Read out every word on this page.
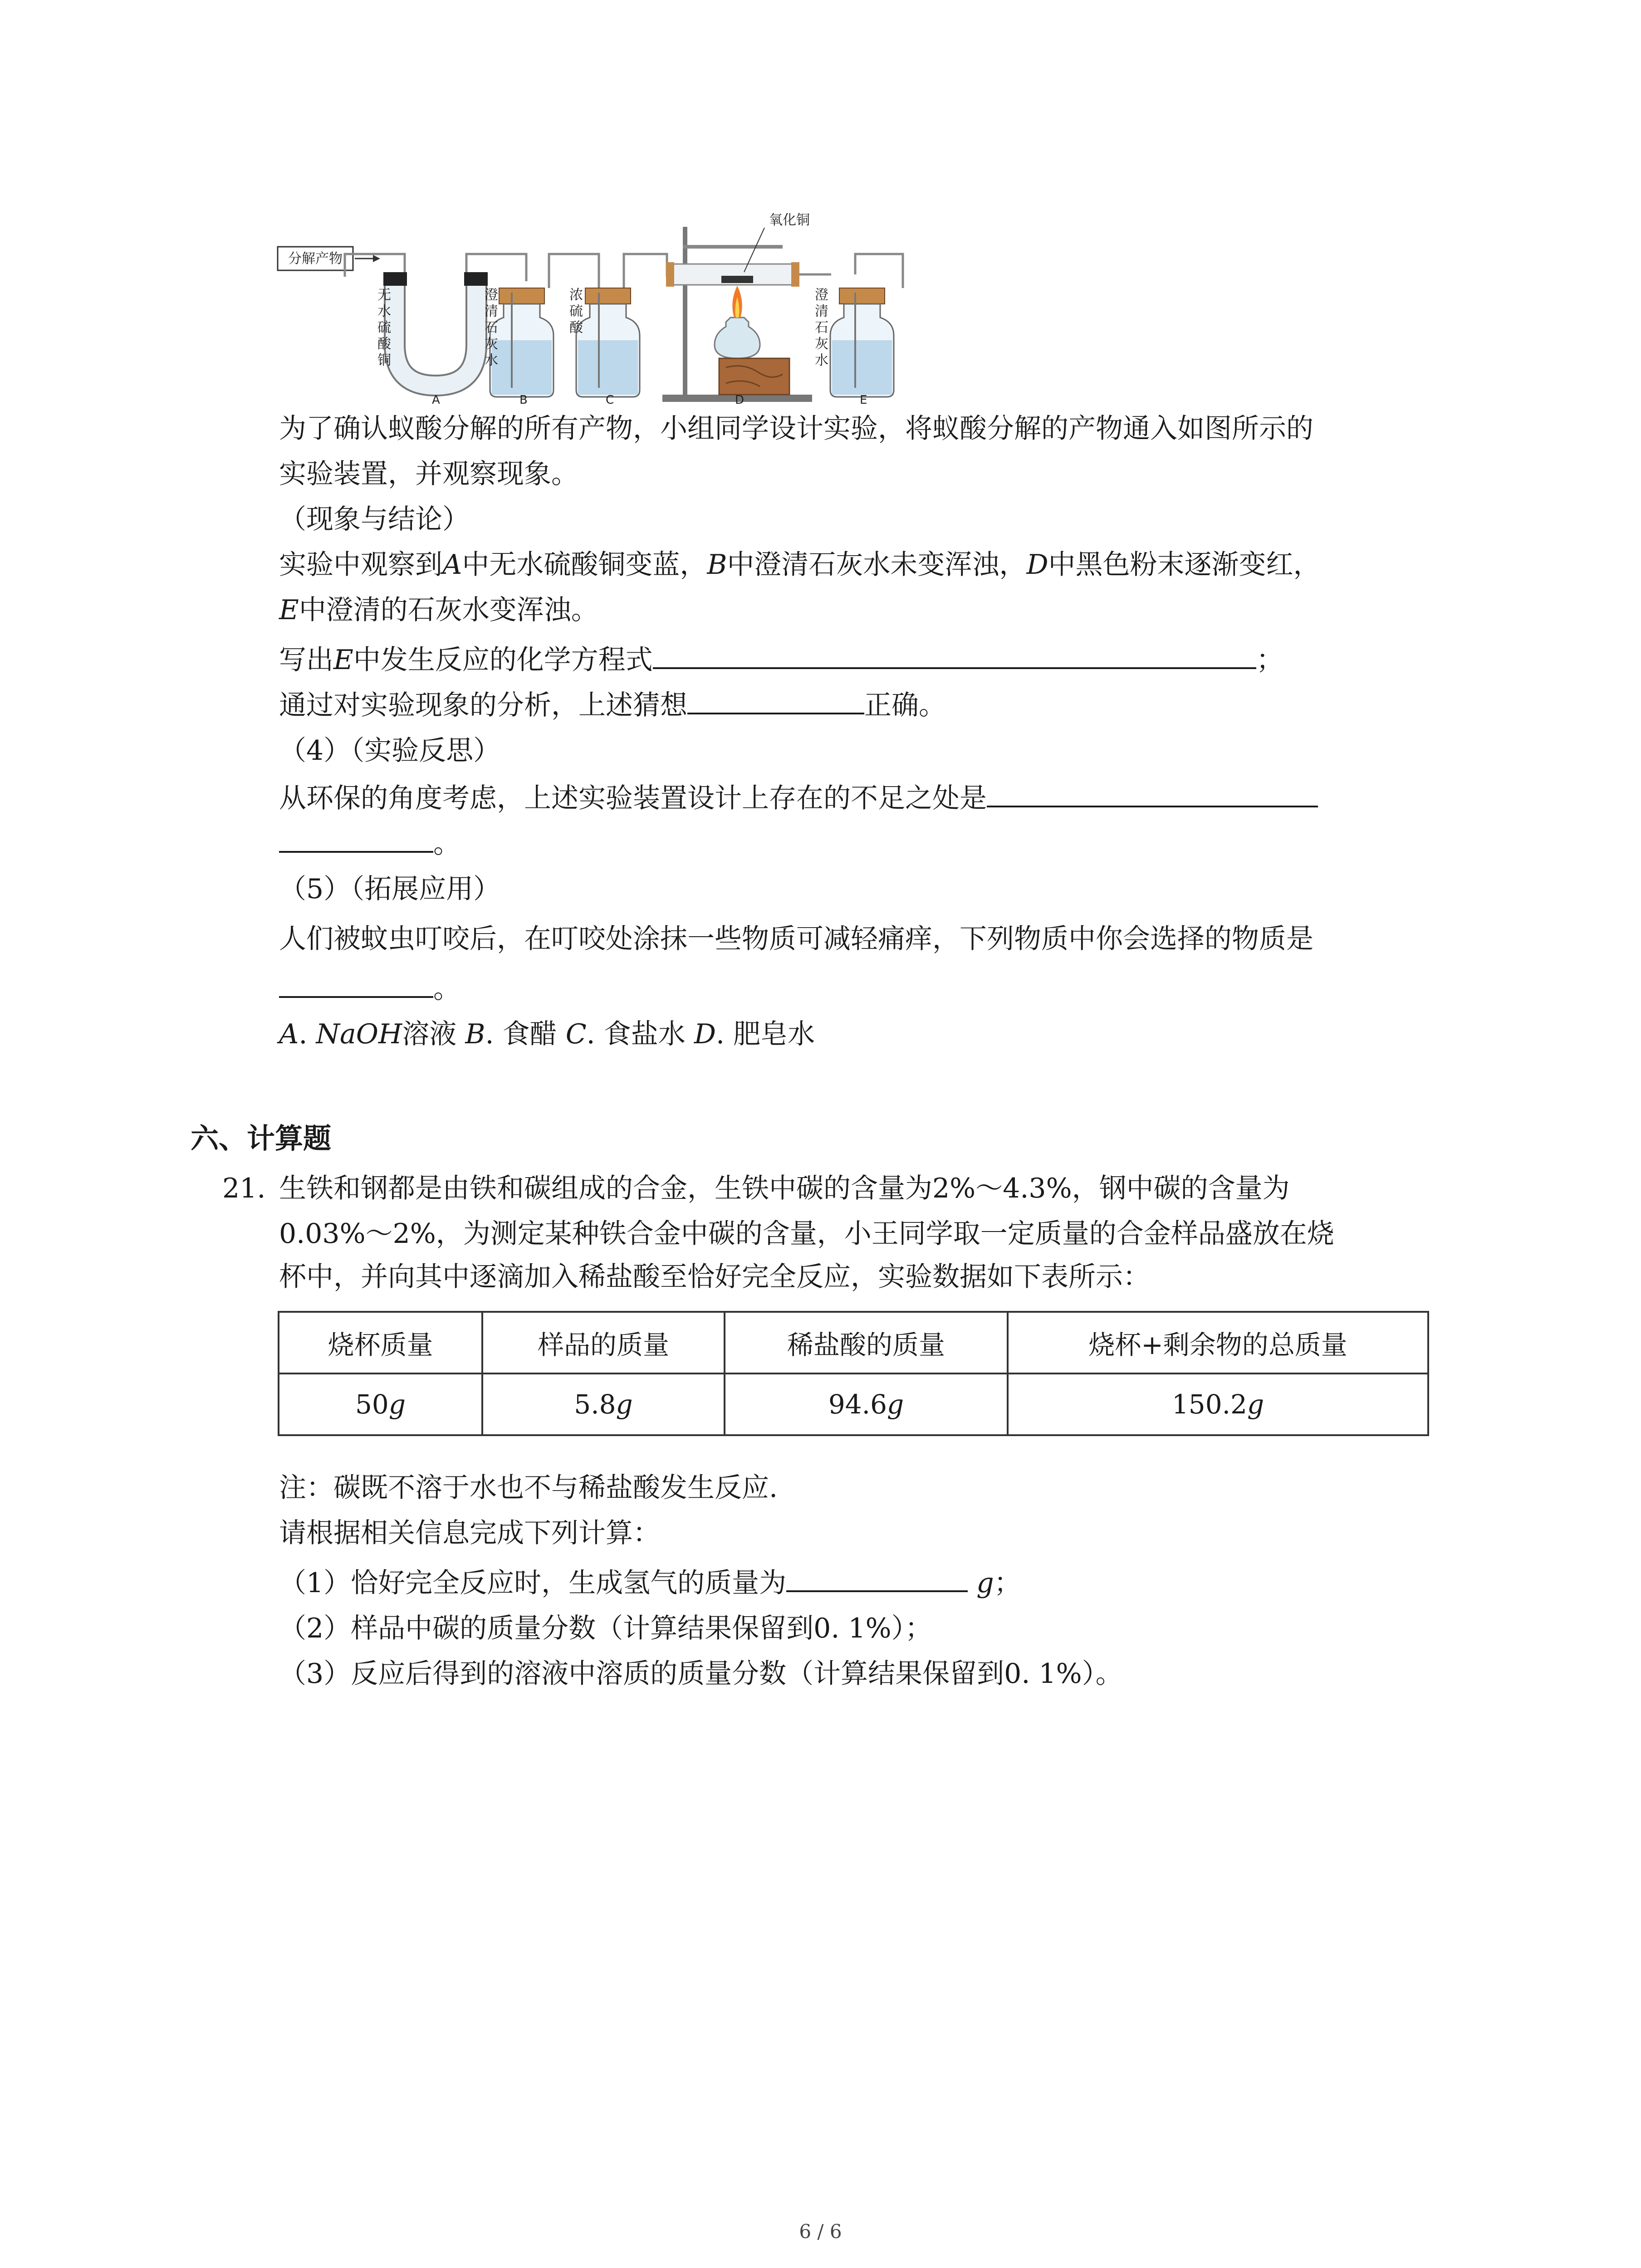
分解产物
无水硫酸铜
澄清石灰水
浓硫酸
氧化铜
澄清石灰水
A	B	C	D	E
为了确认蚁酸分解的所有产物，小组同学设计实验，将蚁酸分解的产物通入如图所示的
实验装置，并观察现象。
（现象与结论）
实验中观察到A中无水硫酸铜变蓝，B中澄清石灰水未变浑浊，D中黑色粉末逐渐变红，
E中澄清的石灰水变浑浊。
写出E中发生反应的化学方程式	；
通过对实验现象的分析，上述猜想	正确。
（4）（实验反思）
从环保的角度考虑，上述实验装置设计上存在的不足之处是
。
（5）（拓展应用）
人们被蚊虫叮咬后，在叮咬处涂抹一些物质可减轻痛痒，下列物质中你会选择的物质是
。
A. NaOH溶液 B. 食醋 C. 食盐水 D. 肥皂水
六、计算题
21. 生铁和钢都是由铁和碳组成的合金，生铁中碳的含量为2%～4.3%，钢中碳的含量为
0.03%～2%，为测定某种铁合金中碳的含量，小王同学取一定质量的合金样品盛放在烧
杯中，并向其中逐滴加入稀盐酸至恰好完全反应，实验数据如下表所示：
烧杯质量	样品的质量	稀盐酸的质量	烧杯+剩余物的总质量
50g	5.8g	94.6g	150.2g
注：碳既不溶于水也不与稀盐酸发生反应.
请根据相关信息完成下列计算：
（1）恰好完全反应时，生成氢气的质量为	g；
（2）样品中碳的质量分数（计算结果保留到0. 1%）；
（3）反应后得到的溶液中溶质的质量分数（计算结果保留到0. 1%）。
6 / 6
